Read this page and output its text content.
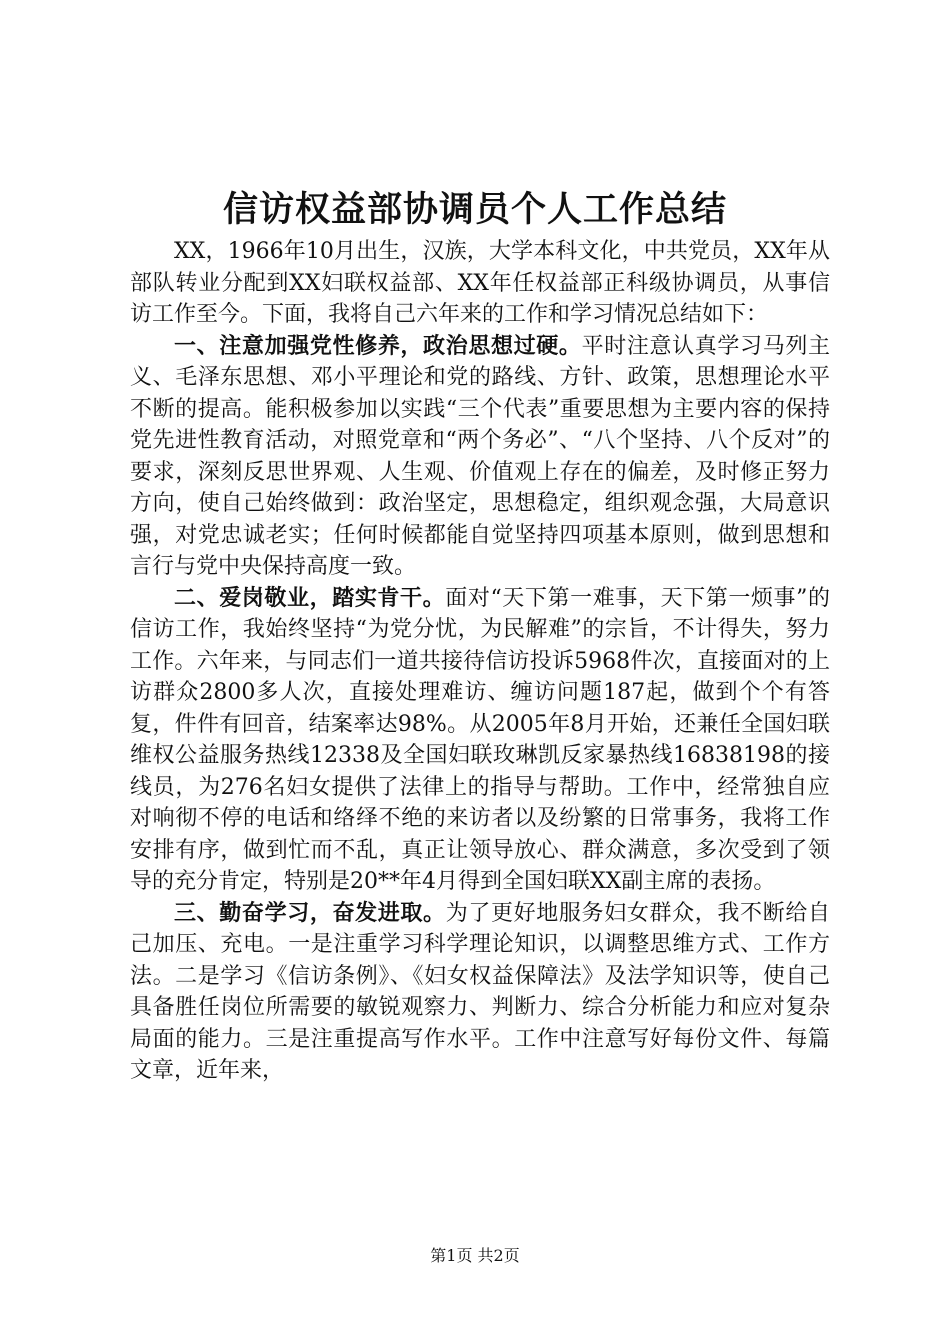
信访权益部协调员个人工作总结

XX，1966年10月出生，汉族，大学本科文化，中共党员，XX年从部队转业分配到XX妇联权益部、XX年任权益部正科级协调员，从事信访工作至今。下面，我将自己六年来的工作和学习情况总结如下：

一、注意加强党性修养，政治思想过硬。平时注意认真学习马列主义、毛泽东思想、邓小平理论和党的路线、方针、政策，思想理论水平不断的提高。能积极参加以实践“三个代表”重要思想为主要内容的保持党先进性教育活动，对照党章和“两个务必”、“八个坚持、八个反对”的要求，深刻反思世界观、人生观、价值观上存在的偏差，及时修正努力方向，使自己始终做到：政治坚定，思想稳定，组织观念强，大局意识强，对党忠诚老实；任何时候都能自觉坚持四项基本原则，做到思想和言行与党中央保持高度一致。

二、爱岗敬业，踏实肯干。面对“天下第一难事，天下第一烦事”的信访工作，我始终坚持“为党分忧，为民解难”的宗旨，不计得失，努力工作。六年来，与同志们一道共接待信访投诉5968件次，直接面对的上访群众2800多人次，直接处理难访、缠访问题187起，做到个个有答复，件件有回音，结案率达98%。从2005年8月开始，还兼任全国妇联维权公益服务热线12338及全国妇联玫琳凯反家暴热线16838198的接线员，为276名妇女提供了法律上的指导与帮助。工作中，经常独自应对响彻不停的电话和络绎不绝的来访者以及纷繁的日常事务，我将工作安排有序，做到忙而不乱，真正让领导放心、群众满意，多次受到了领导的充分肯定，特别是20**年4月得到全国妇联XX副主席的表扬。

三、勤奋学习，奋发进取。为了更好地服务妇女群众，我不断给自己加压、充电。一是注重学习科学理论知识，以调整思维方式、工作方法。二是学习《信访条例》、《妇女权益保障法》及法学知识等，使自己具备胜任岗位所需要的敏锐观察力、判断力、综合分析能力和应对复杂局面的能力。三是注重提高写作水平。工作中注意写好每份文件、每篇文章，近年来，

第1页 共2页
